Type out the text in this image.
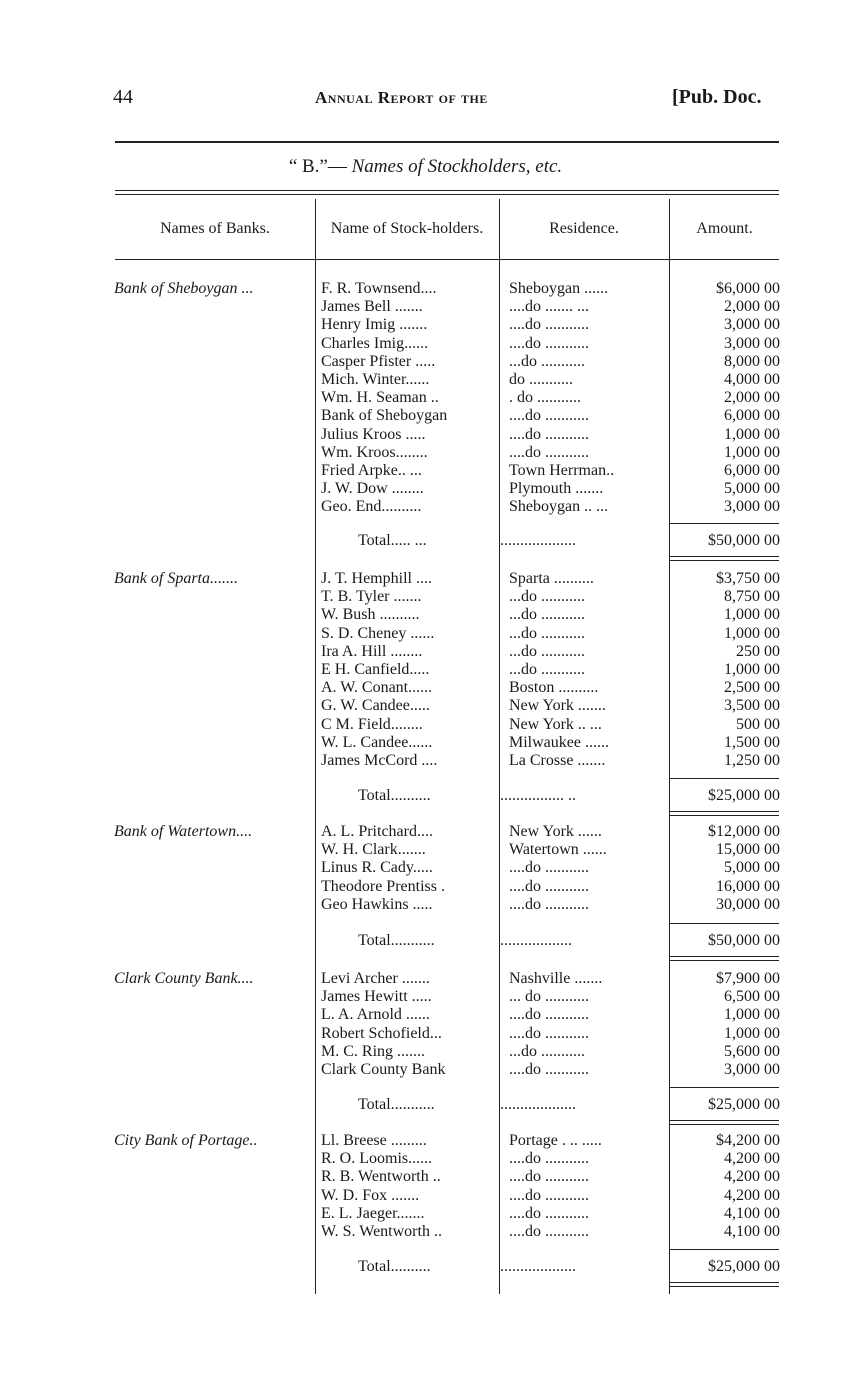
44	Annual Report of the	[Pub. Doc.
“ B.”— Names of Stockholders, etc.
Names of Banks.	Name of Stock-holders.	Residence.	Amount.
Bank of Sheboygan ...	F. R. Townsend....	Sheboygan ......	$6,000 00
James Bell .......	....do ....... ...	2,000 00
Henry Imig .......	....do ...........	3,000 00
Charles Imig......	....do ...........	3,000 00
Casper Pfister .....	...do ...........	8,000 00
Mich. Winter......	do ...........	4,000 00
Wm. H. Seaman ..	. do ...........	2,000 00
Bank of Sheboygan	....do ...........	6,000 00
Julius Kroos .....	....do ...........	1,000 00
Wm. Kroos........	....do ...........	1,000 00
Fried Arpke.. ...	Town Herrman..	6,000 00
J. W. Dow ........	Plymouth .......	5,000 00
Geo. End..........	Sheboygan .. ...	3,000 00
Total..... ...	...................	$50,000 00
Bank of Sparta.......	J. T. Hemphill ....	Sparta ..........	$3,750 00
T. B. Tyler .......	...do ...........	8,750 00
W. Bush ..........	...do ...........	1,000 00
S. D. Cheney ......	...do ...........	1,000 00
Ira A. Hill ........	...do ...........	250 00
E H. Canfield.....	...do ...........	1,000 00
A. W. Conant......	Boston ..........	2,500 00
G. W. Candee.....	New York .......	3,500 00
C M. Field........	New York .. ...	500 00
W. L. Candee......	Milwaukee ......	1,500 00
James McCord ....	La Crosse .......	1,250 00
Total..........	................ ..	$25,000 00
Bank of Watertown....	A. L. Pritchard....	New York ......	$12,000 00
W. H. Clark.......	Watertown ......	15,000 00
Linus R. Cady.....	....do ...........	5,000 00
Theodore Prentiss .	....do ...........	16,000 00
Geo Hawkins .....	....do ...........	30,000 00
Total...........	..................	$50,000 00
Clark County Bank....	Levi Archer .......	Nashville .......	$7,900 00
James Hewitt .....	... do ...........	6,500 00
L. A. Arnold ......	....do ...........	1,000 00
Robert Schofield...	....do ...........	1,000 00
M. C. Ring .......	...do ...........	5,600 00
Clark County Bank	....do ...........	3,000 00
Total...........	...................	$25,000 00
City Bank of Portage..	Ll. Breese .........	Portage . .. .....	$4,200 00
R. O. Loomis......	....do ...........	4,200 00
R. B. Wentworth ..	....do ...........	4,200 00
W. D. Fox .......	....do ...........	4,200 00
E. L. Jaeger.......	....do ...........	4,100 00
W. S. Wentworth ..	....do ...........	4,100 00
Total..........	...................	$25,000 00
